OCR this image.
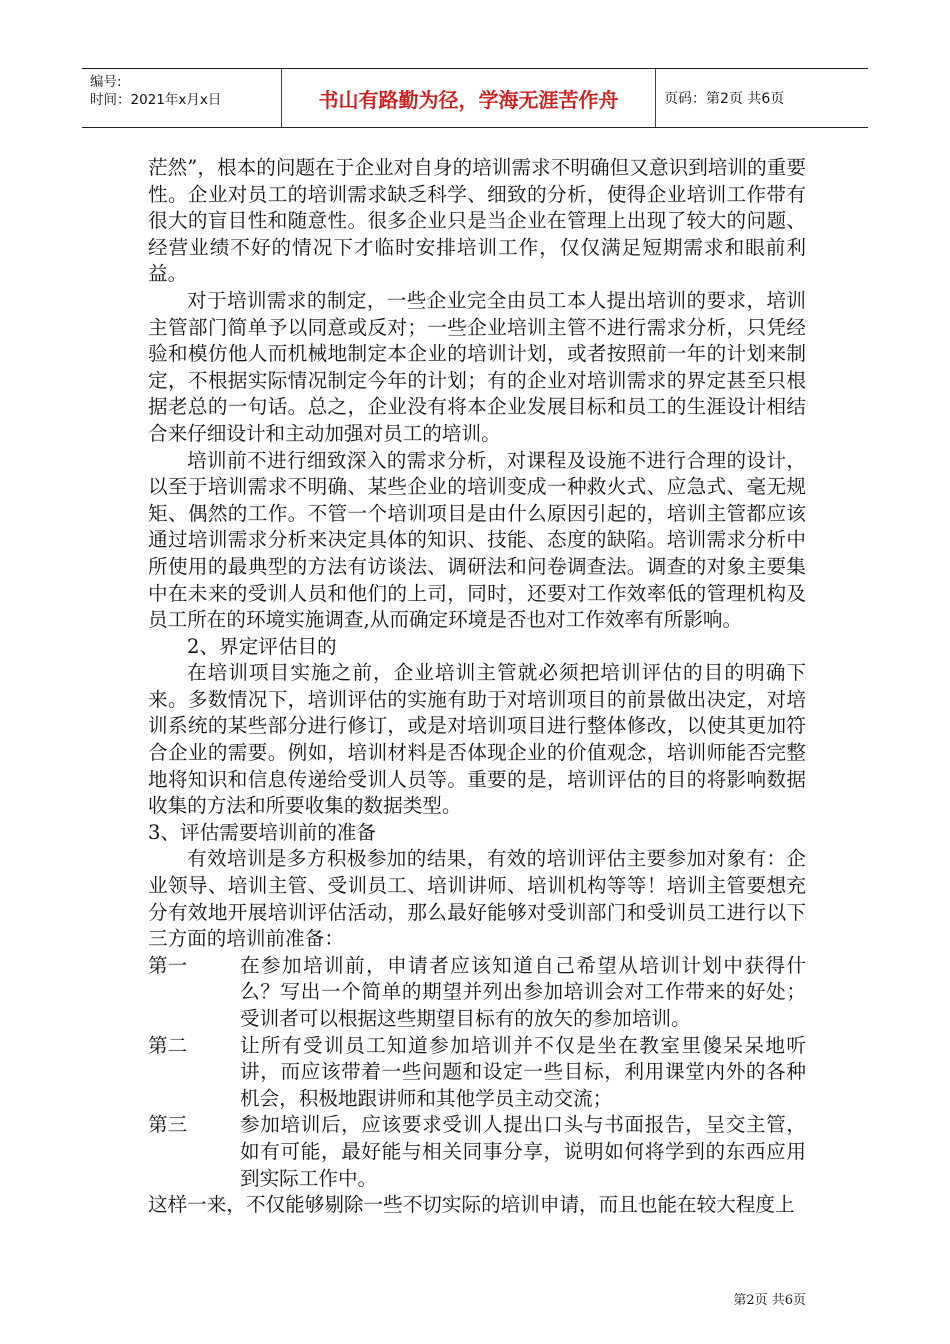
编号:
时间：2021年x月x日	书山有路勤为径，学海无涯苦作舟	页码：第2页 共6页

茫然”，根本的问题在于企业对自身的培训需求不明确但又意识到培训的重要性。企业对员工的培训需求缺乏科学、细致的分析，使得企业培训工作带有很大的盲目性和随意性。很多企业只是当企业在管理上出现了较大的问题、经营业绩不好的情况下才临时安排培训工作，仅仅满足短期需求和眼前利益。

对于培训需求的制定，一些企业完全由员工本人提出培训的要求，培训主管部门简单予以同意或反对；一些企业培训主管不进行需求分析，只凭经验和模仿他人而机械地制定本企业的培训计划，或者按照前一年的计划来制定，不根据实际情况制定今年的计划；有的企业对培训需求的界定甚至只根据老总的一句话。总之，企业没有将本企业发展目标和员工的生涯设计相结合来仔细设计和主动加强对员工的培训。

培训前不进行细致深入的需求分析，对课程及设施不进行合理的设计，以至于培训需求不明确、某些企业的培训变成一种救火式、应急式、毫无规矩、偶然的工作。不管一个培训项目是由什么原因引起的，培训主管都应该通过培训需求分析来决定具体的知识、技能、态度的缺陷。培训需求分析中所使用的最典型的方法有访谈法、调研法和问卷调查法。调查的对象主要集中在未来的受训人员和他们的上司，同时，还要对工作效率低的管理机构及员工所在的环境实施调查,从而确定环境是否也对工作效率有所影响。

2、界定评估目的

在培训项目实施之前，企业培训主管就必须把培训评估的目的明确下来。多数情况下，培训评估的实施有助于对培训项目的前景做出决定，对培训系统的某些部分进行修订，或是对培训项目进行整体修改，以使其更加符合企业的需要。例如，培训材料是否体现企业的价值观念，培训师能否完整地将知识和信息传递给受训人员等。重要的是，培训评估的目的将影响数据收集的方法和所要收集的数据类型。

3、评估需要培训前的准备

有效培训是多方积极参加的结果，有效的培训评估主要参加对象有：企业领导、培训主管、受训员工、培训讲师、培训机构等等！培训主管要想充分有效地开展培训评估活动，那么最好能够对受训部门和受训员工进行以下三方面的培训前准备：

第一	在参加培训前，申请者应该知道自己希望从培训计划中获得什么？写出一个简单的期望并列出参加培训会对工作带来的好处；受训者可以根据这些期望目标有的放矢的参加培训。
第二	让所有受训员工知道参加培训并不仅是坐在教室里傻呆呆地听讲，而应该带着一些问题和设定一些目标，利用课堂内外的各种机会，积极地跟讲师和其他学员主动交流；
第三	参加培训后，应该要求受训人提出口头与书面报告，呈交主管，如有可能，最好能与相关同事分享，说明如何将学到的东西应用到实际工作中。

这样一来，不仅能够剔除一些不切实际的培训申请，而且也能在较大程度上

第2页 共6页
